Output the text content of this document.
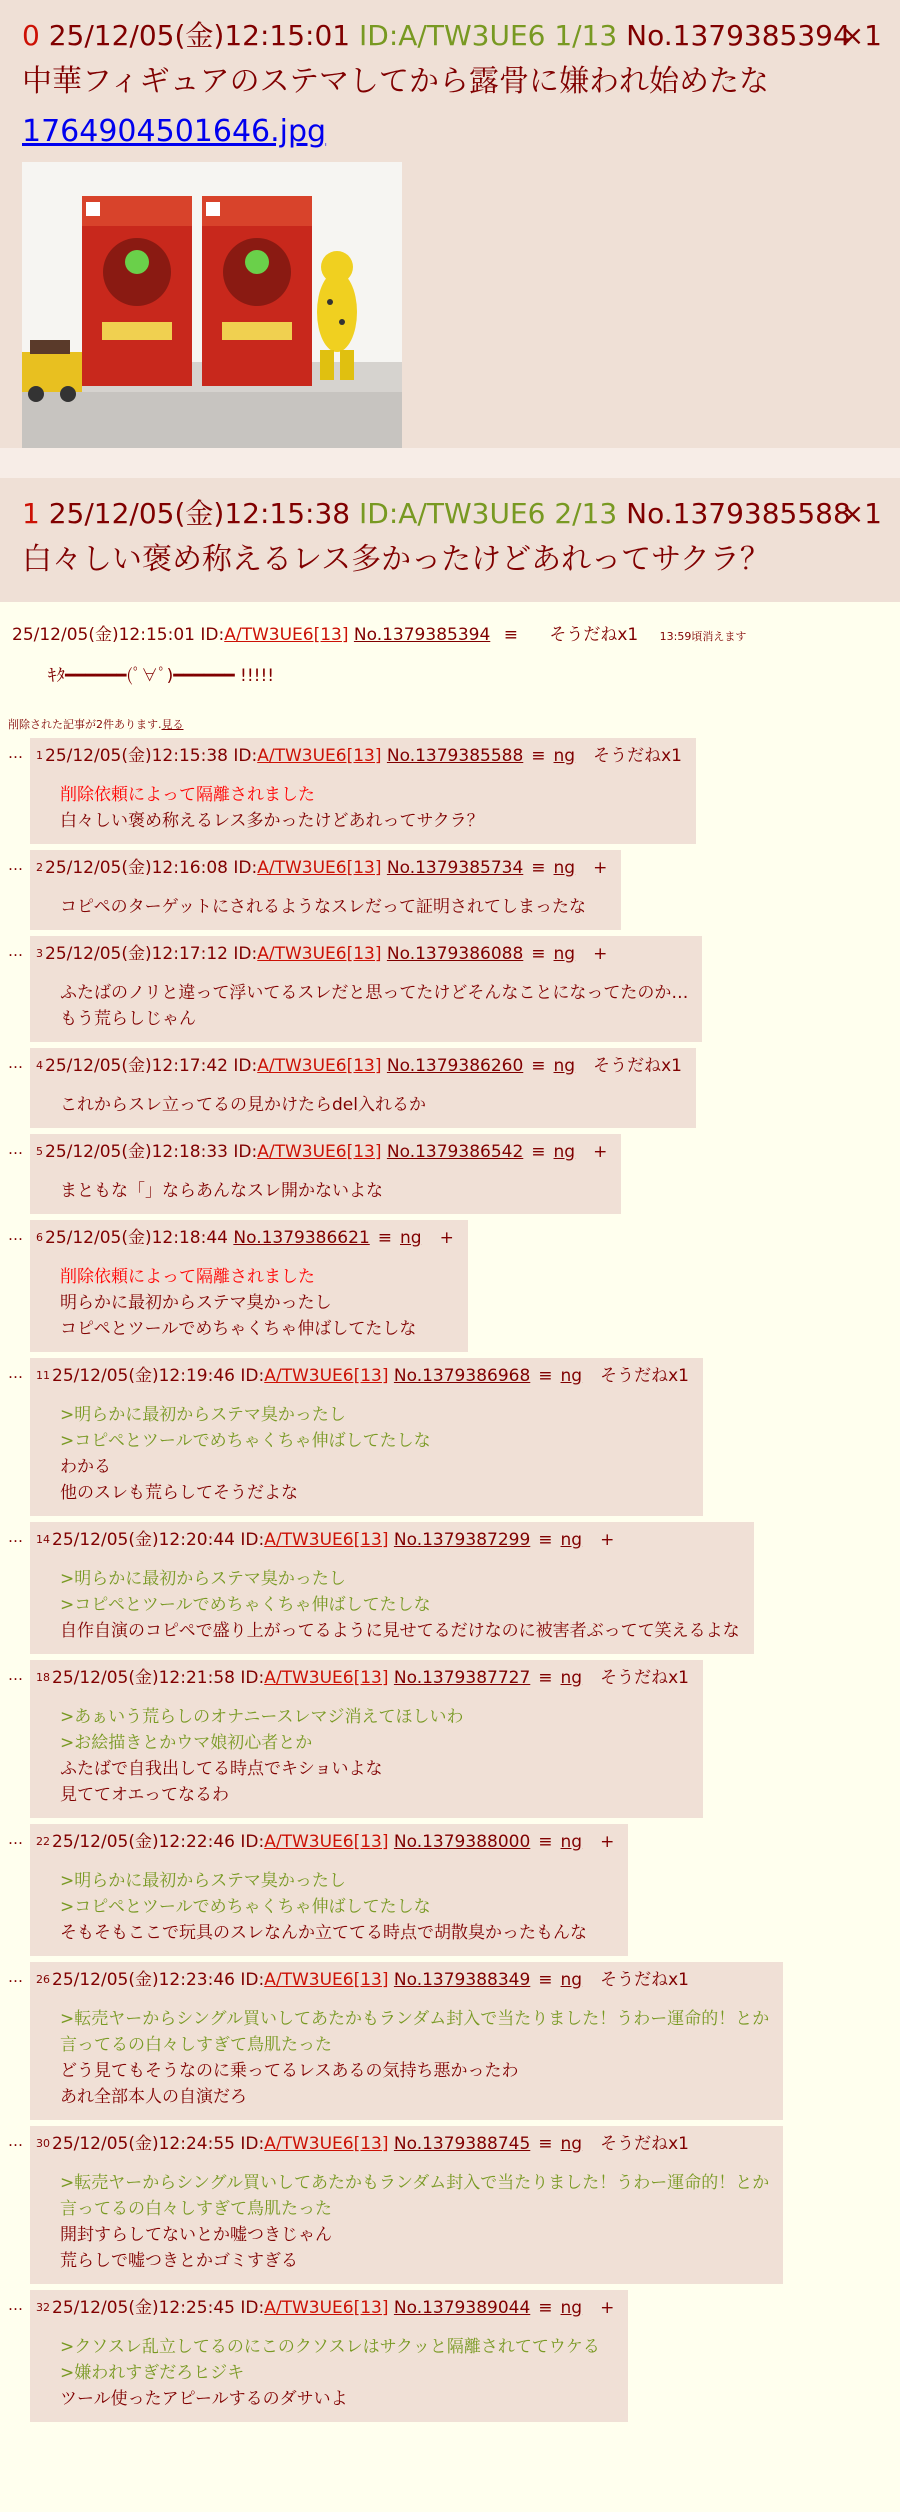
0 25/12/05(金)12:15:01 ID:A/TW3UE6 1/13 No.1379385394
×1
中華フィギュアのステマしてから露骨に嫌われ始めたな
1764904501646.jpg
1 25/12/05(金)12:15:38 ID:A/TW3UE6 2/13 No.1379385588
×1
白々しい褒め称えるレス多かったけどあれってサクラ？
25/12/05(金)12:15:01 ID:A/TW3UE6[13] No.1379385394 ≡ そうだねx1 13:59頃消えます
ｷﾀ━━━━━━(ﾟ∀ﾟ)━━━━━━ !!!!!
削除された記事が2件あります.見る
…	$^1$ 25/12/05(金)12:15:38 ID:A/TW3UE6[13] No.1379385588 ≡ ng そうだねx1
削除依頼によって隔離されました
白々しい褒め称えるレス多かったけどあれってサクラ？
…	$^2$ 25/12/05(金)12:16:08 ID:A/TW3UE6[13] No.1379385734 ≡ ng +
コピペのターゲットにされるようなスレだって証明されてしまったな
…	$^3$ 25/12/05(金)12:17:12 ID:A/TW3UE6[13] No.1379386088 ≡ ng +
ふたばのノリと違って浮いてるスレだと思ってたけどそんなことになってたのか…
もう荒らしじゃん
…	$^4$ 25/12/05(金)12:17:42 ID:A/TW3UE6[13] No.1379386260 ≡ ng そうだねx1
これからスレ立ってるの見かけたらdel入れるか
…	$^5$ 25/12/05(金)12:18:33 ID:A/TW3UE6[13] No.1379386542 ≡ ng +
まともな「」ならあんなスレ開かないよな
…	$^6$ 25/12/05(金)12:18:44 No.1379386621 ≡ ng +
削除依頼によって隔離されました
明らかに最初からステマ臭かったし
コピペとツールでめちゃくちゃ伸ばしてたしな
…	$^{11}$ 25/12/05(金)12:19:46 ID:A/TW3UE6[13] No.1379386968 ≡ ng そうだねx1
>明らかに最初からステマ臭かったし
>コピペとツールでめちゃくちゃ伸ばしてたしな
わかる
他のスレも荒らしてそうだよな
…	$^{14}$ 25/12/05(金)12:20:44 ID:A/TW3UE6[13] No.1379387299 ≡ ng +
>明らかに最初からステマ臭かったし
>コピペとツールでめちゃくちゃ伸ばしてたしな
自作自演のコピペで盛り上がってるように見せてるだけなのに被害者ぶってて笑えるよな
…	$^{18}$ 25/12/05(金)12:21:58 ID:A/TW3UE6[13] No.1379387727 ≡ ng そうだねx1
>あぁいう荒らしのオナニースレマジ消えてほしいわ
>お絵描きとかウマ娘初心者とか
ふたばで自我出してる時点でキショいよな
見ててオエってなるわ
…	$^{22}$ 25/12/05(金)12:22:46 ID:A/TW3UE6[13] No.1379388000 ≡ ng +
>明らかに最初からステマ臭かったし
>コピペとツールでめちゃくちゃ伸ばしてたしな
そもそもここで玩具のスレなんか立ててる時点で胡散臭かったもんな
…	$^{26}$ 25/12/05(金)12:23:46 ID:A/TW3UE6[13] No.1379388349 ≡ ng そうだねx1
>転売ヤーからシングル買いしてあたかもランダム封入で当たりました！うわー運命的！とか
言ってるの白々しすぎて鳥肌たった
どう見てもそうなのに乗ってるレスあるの気持ち悪かったわ
あれ全部本人の自演だろ
…	$^{30}$ 25/12/05(金)12:24:55 ID:A/TW3UE6[13] No.1379388745 ≡ ng そうだねx1
>転売ヤーからシングル買いしてあたかもランダム封入で当たりました！うわー運命的！とか
言ってるの白々しすぎて鳥肌たった
開封すらしてないとか嘘つきじゃん
荒らしで嘘つきとかゴミすぎる
…	$^{32}$ 25/12/05(金)12:25:45 ID:A/TW3UE6[13] No.1379389044 ≡ ng +
>クソスレ乱立してるのにこのクソスレはサクッと隔離されててウケる
>嫌われすぎだろヒジキ
ツール使ったアピールするのダサいよ
